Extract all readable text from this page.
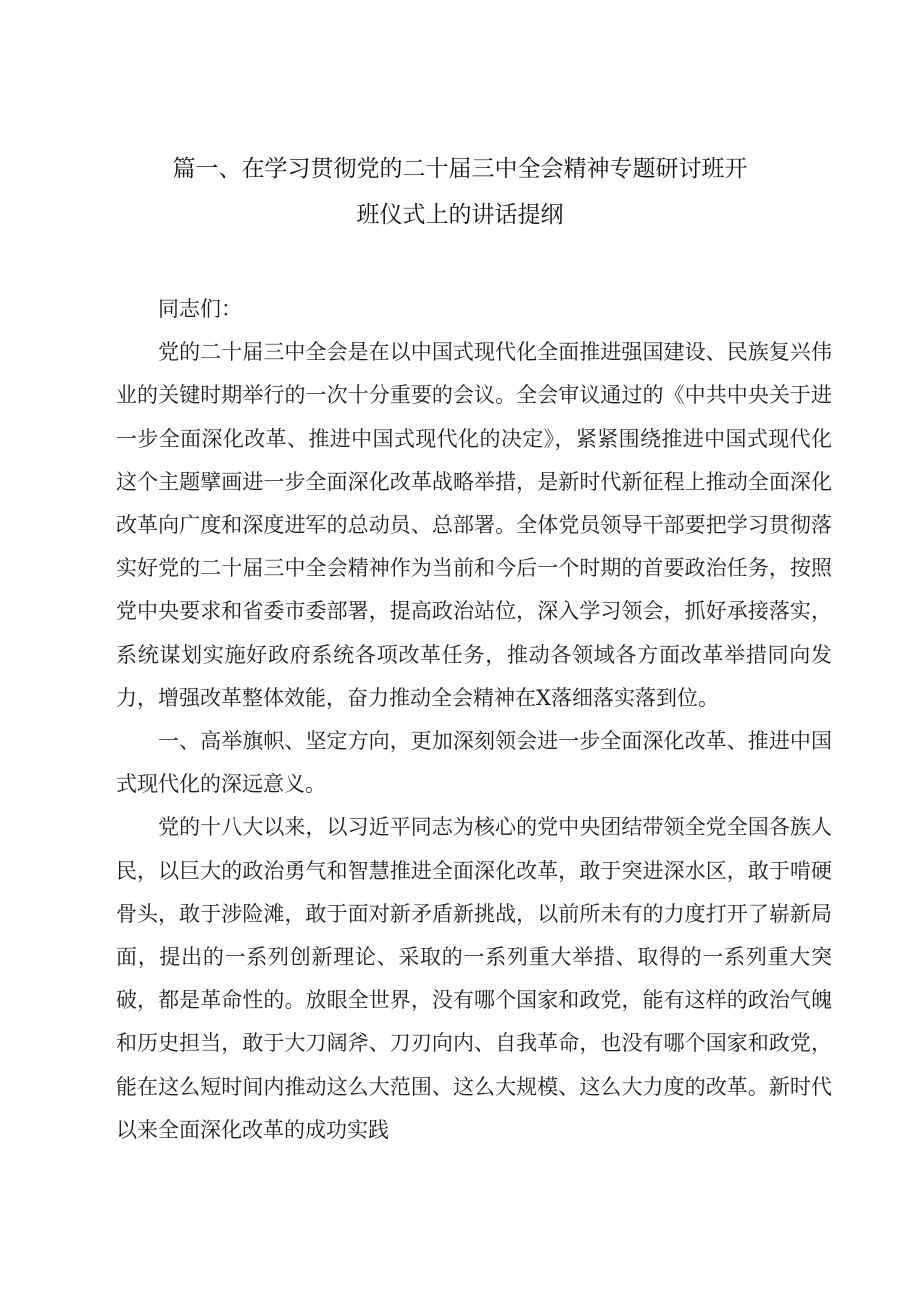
篇一、在学习贯彻党的二十届三中全会精神专题研讨班开
班仪式上的讲话提纲

同志们：

党的二十届三中全会是在以中国式现代化全面推进强国建设、民族复兴伟业的关键时期举行的一次十分重要的会议。全会审议通过的《中共中央关于进一步全面深化改革、推进中国式现代化的决定》，紧紧围绕推进中国式现代化这个主题擘画进一步全面深化改革战略举措，是新时代新征程上推动全面深化改革向广度和深度进军的总动员、总部署。全体党员领导干部要把学习贯彻落实好党的二十届三中全会精神作为当前和今后一个时期的首要政治任务，按照党中央要求和省委市委部署，提高政治站位，深入学习领会，抓好承接落实，系统谋划实施好政府系统各项改革任务，推动各领域各方面改革举措同向发力，增强改革整体效能，奋力推动全会精神在X落细落实落到位。

一、高举旗帜、坚定方向，更加深刻领会进一步全面深化改革、推进中国式现代化的深远意义。

党的十八大以来，以习近平同志为核心的党中央团结带领全党全国各族人民，以巨大的政治勇气和智慧推进全面深化改革，敢于突进深水区，敢于啃硬骨头，敢于涉险滩，敢于面对新矛盾新挑战，以前所未有的力度打开了崭新局面，提出的一系列创新理论、采取的一系列重大举措、取得的一系列重大突破，都是革命性的。放眼全世界，没有哪个国家和政党，能有这样的政治气魄和历史担当，敢于大刀阔斧、刀刃向内、自我革命，也没有哪个国家和政党，能在这么短时间内推动这么大范围、这么大规模、这么大力度的改革。新时代以来全面深化改革的成功实践
